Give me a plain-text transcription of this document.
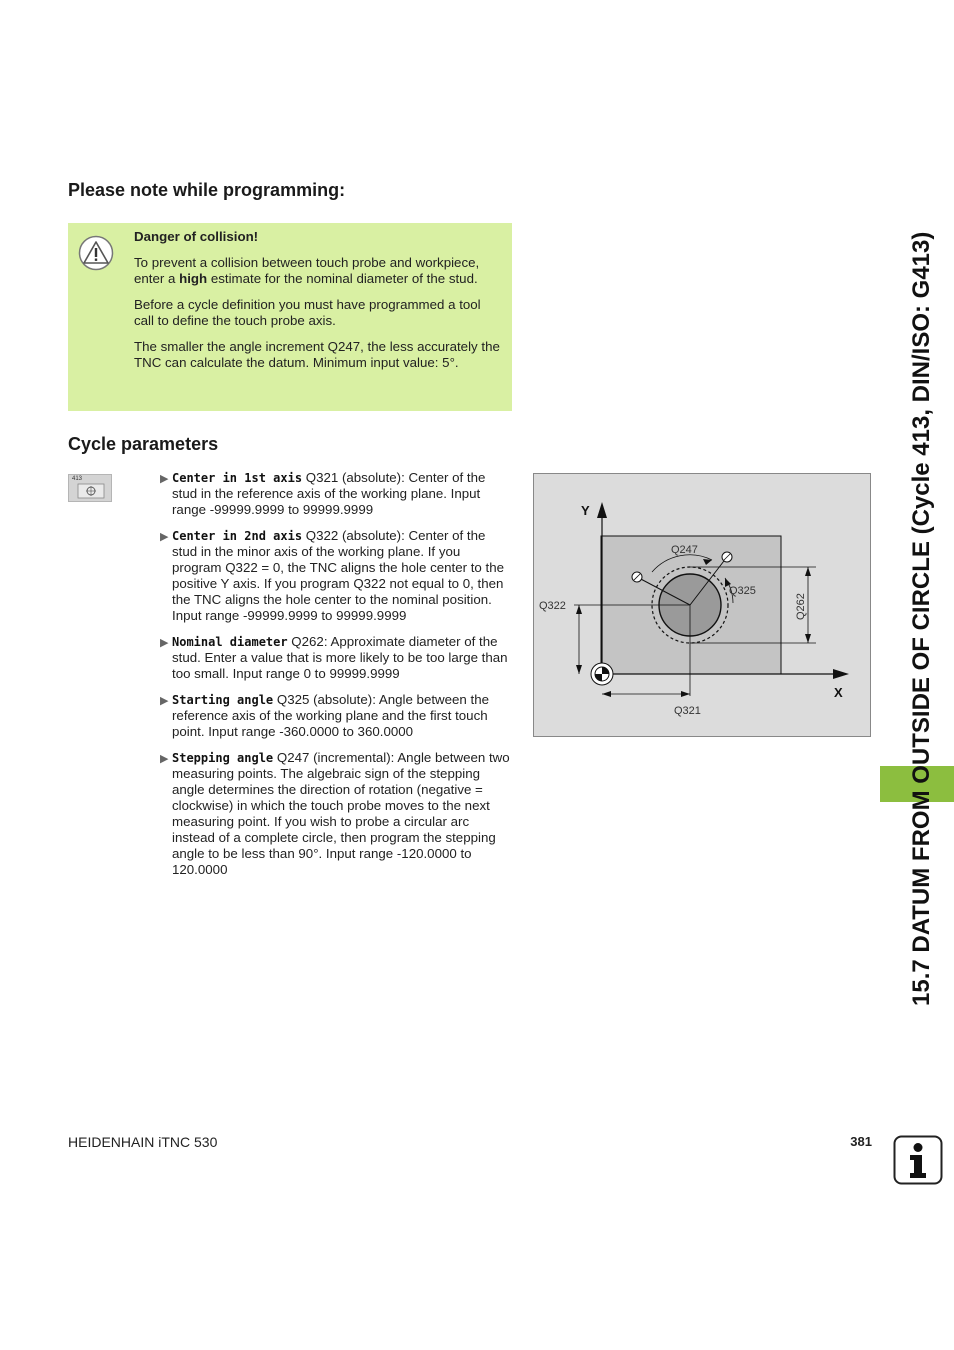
15.7 DATUM FROM OUTSIDE OF CIRCLE (Cycle 413, DIN/ISO: G413)
Please note while programming:

Danger of collision!

To prevent a collision between touch probe and workpiece, enter a high estimate for the nominal diameter of the stud.

Before a cycle definition you must have programmed a tool call to define the touch probe axis.

The smaller the angle increment Q247, the less accurately the TNC can calculate the datum. Minimum input value: 5°.

Cycle parameters
413	▶ Center in 1st axis Q321 (absolute): Center of the stud in the reference axis of the working plane. Input range -99999.9999 to 99999.9999
▶ Center in 2nd axis Q322 (absolute): Center of the stud in the minor axis of the working plane. If you program Q322 = 0, the TNC aligns the hole center to the positive Y axis. If you program Q322 not equal to 0, then the TNC aligns the hole center to the nominal position. Input range -99999.9999 to 99999.9999
▶ Nominal diameter Q262: Approximate diameter of the stud. Enter a value that is more likely to be too large than too small. Input range 0 to 99999.9999
▶ Starting angle Q325 (absolute): Angle between the reference axis of the working plane and the first touch point. Input range -360.0000 to 360.0000
▶ Stepping angle Q247 (incremental): Angle between two measuring points. The algebraic sign of the stepping angle determines the direction of rotation (negative = clockwise) in which the touch probe moves to the next measuring point. If you wish to probe a circular arc instead of a complete circle, then program the stepping angle to be less than 90°. Input range -120.0000 to 120.0000
Y
X
Q247
Q325
Q322
Q321
Q262
HEIDENHAIN iTNC 530	381
